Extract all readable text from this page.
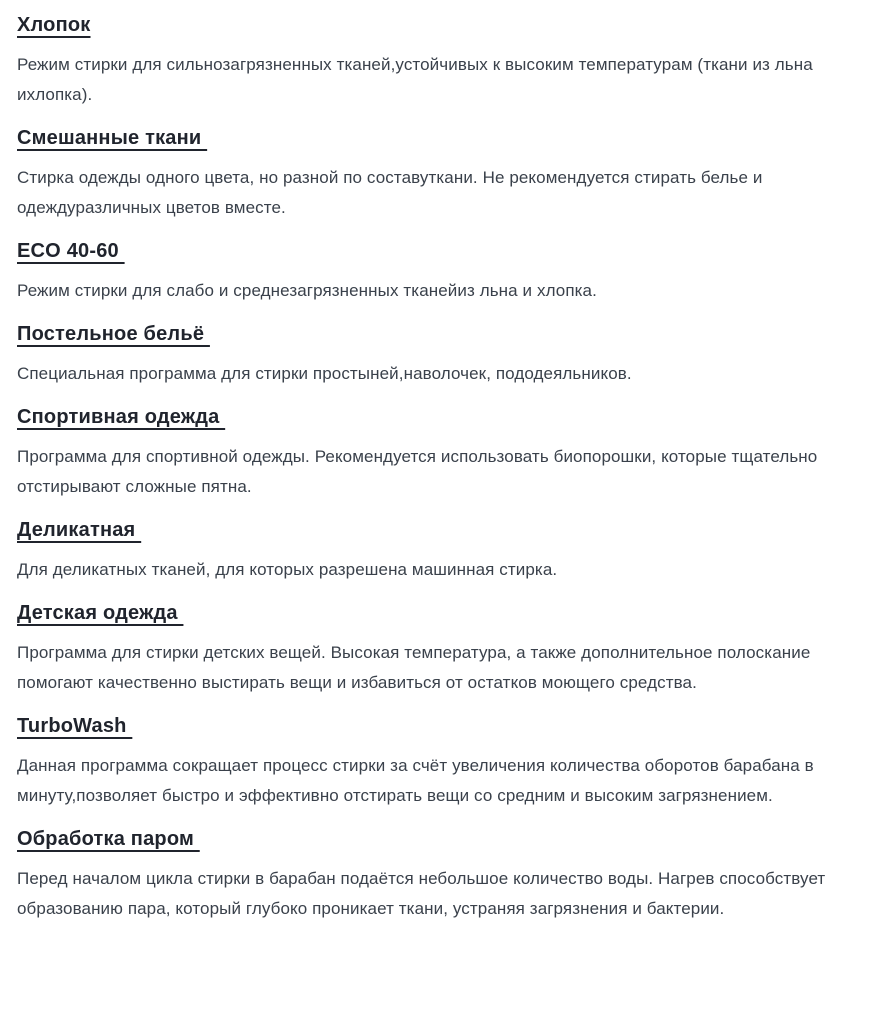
Хлопок

Режим стирки для сильнозагрязненных тканей,устойчивых к высоким температурам (ткани из льна ихлопка).

Смешанные ткани

Стирка одежды одного цвета, но разной по составуткани. Не рекомендуется стирать белье и одеждуразличных цветов вместе.

ECO 40-60

Режим стирки для слабо и среднезагрязненных тканейиз льна и хлопка.

Постельное бельё

Специальная программа для стирки простыней,наволочек, пододеяльников.

Спортивная одежда

Программа для спортивной одежды. Рекомендуется использовать биопорошки, которые тщательно отстирывают сложные пятна.

Деликатная

Для деликатных тканей, для которых разрешена машинная стирка.

Детская одежда

Программа для стирки детских вещей. Высокая температура, а также дополнительное полоскание помогают качественно выстирать вещи и избавиться от остатков моющего средства.

TurboWash

Данная программа сокращает процесс стирки за счёт увеличения количества оборотов барабана в минуту,позволяет быстро и эффективно отстирать вещи со средним и высоким загрязнением.

Обработка паром

Перед началом цикла стирки в барабан подаётся небольшое количество воды. Нагрев способствует образованию пара, который глубоко проникает ткани, устраняя загрязнения и бактерии.
